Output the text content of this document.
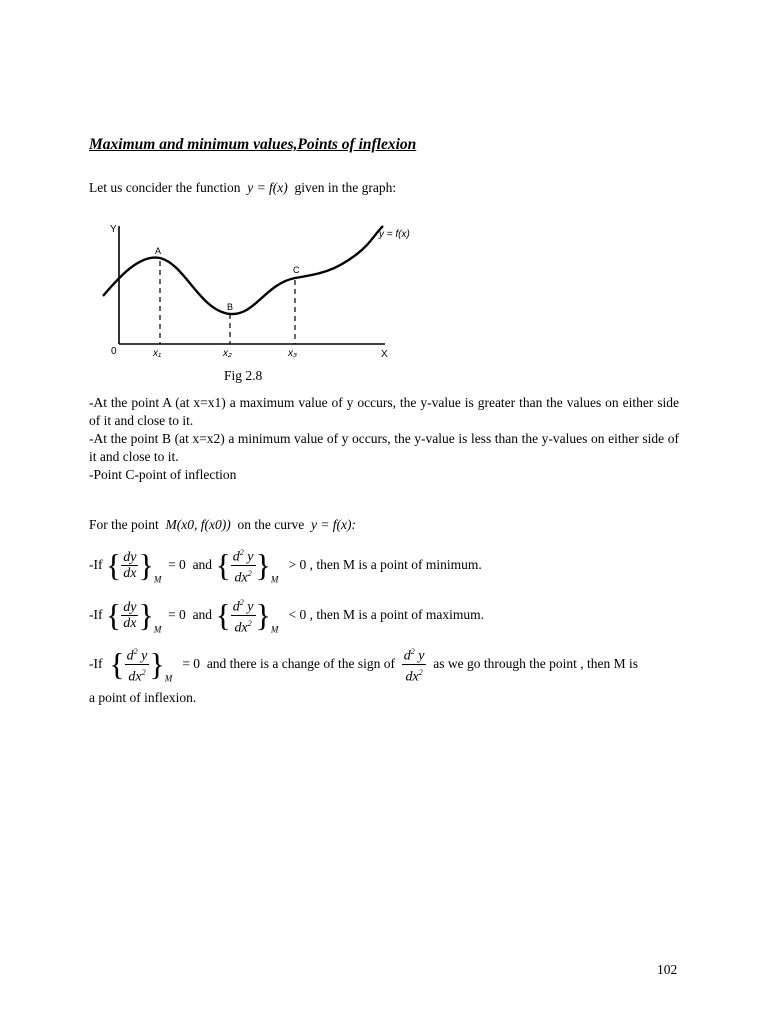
Maximum and minimum values,Points of inflexion
Let us concider the function y = f(x) given in the graph:
Y
X
0
y = f(x)
A
B
C
x₁	x₂	x₃
Fig 2.8
-At the point A (at x=x1) a maximum value of y occurs, the y-value is greater than the values on either side of it and close to it.
-At the point B (at x=x2) a minimum value of y occurs, the y-value is less than the y-values on either side of it and close to it.
-Point C-point of inflection
For the point M(x0, f(x0)) on the curve y = f(x):
-If { $\frac{dy}{dx} \}_M = 0$ and { $\frac{d^2 y}{dx^2} \}_M > 0$ , then M is a point of minimum.
-If { $\frac{dy}{dx} \}_M = 0$ and { $\frac{d^2 y}{dx^2} \}_M < 0$ , then M is a point of maximum.
-If { $\frac{d^2 y}{dx^2} \}_M = 0$ and there is a change of the sign of $\frac{d^2 y}{dx^2}$ as we go through the point , then M is
a point of inflexion.
102
